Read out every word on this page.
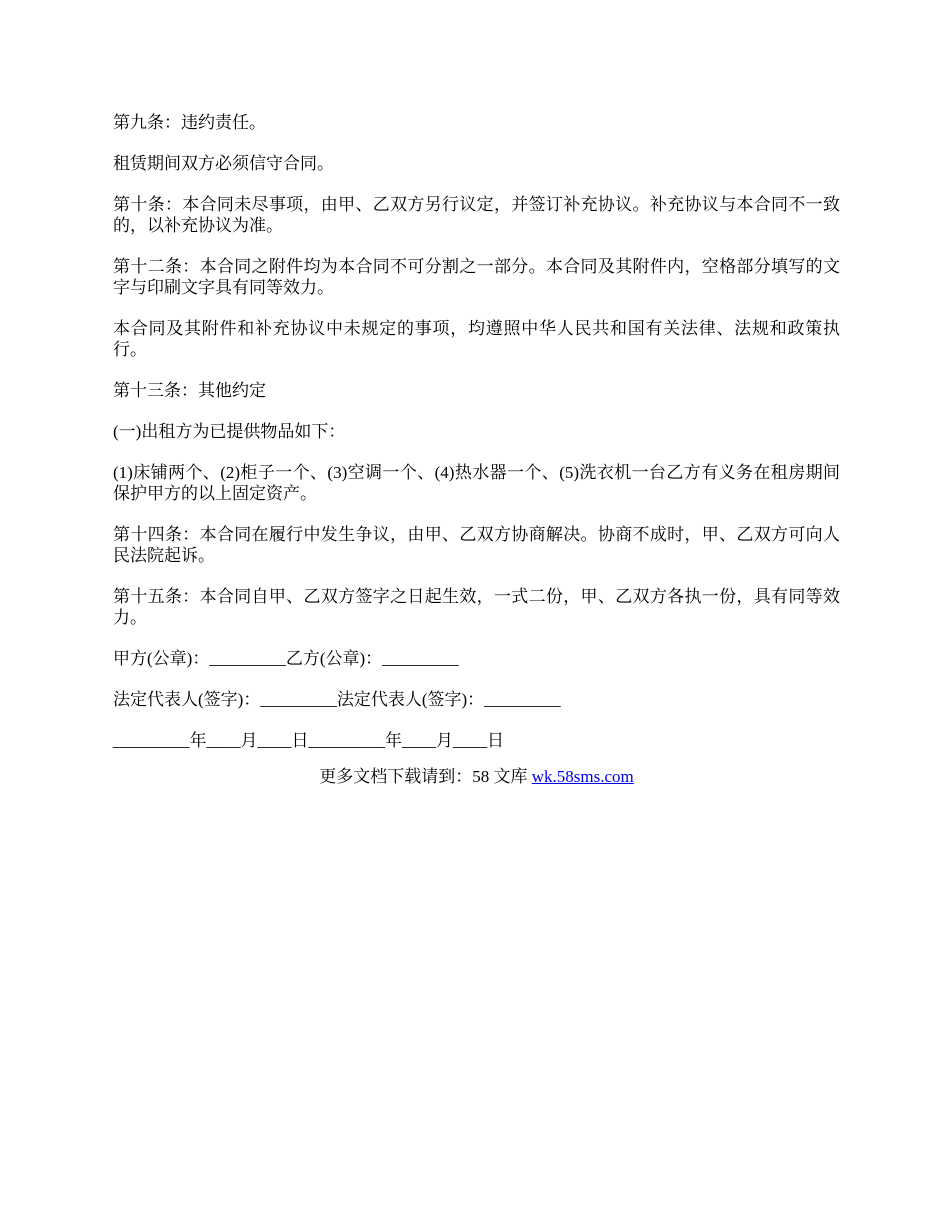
第九条：违约责任。

租赁期间双方必须信守合同。

第十条：本合同未尽事项，由甲、乙双方另行议定，并签订补充协议。补充协议与本合同不一致的，以补充协议为准。

第十二条：本合同之附件均为本合同不可分割之一部分。本合同及其附件内，空格部分填写的文字与印刷文字具有同等效力。

本合同及其附件和补充协议中未规定的事项，均遵照中华人民共和国有关法律、法规和政策执行。

第十三条：其他约定

(一)出租方为已提供物品如下：

(1)床铺两个、(2)柜子一个、(3)空调一个、(4)热水器一个、(5)洗衣机一台乙方有义务在租房期间保护甲方的以上固定资产。

第十四条：本合同在履行中发生争议，由甲、乙双方协商解决。协商不成时，甲、乙双方可向人民法院起诉。

第十五条：本合同自甲、乙双方签字之日起生效，一式二份，甲、乙双方各执一份，具有同等效力。

甲方(公章)：_________乙方(公章)：_________

法定代表人(签字)：_________法定代表人(签字)：_________

_________年____月____日_________年____月____日

更多文档下载请到：58 文库 wk.58sms.com
